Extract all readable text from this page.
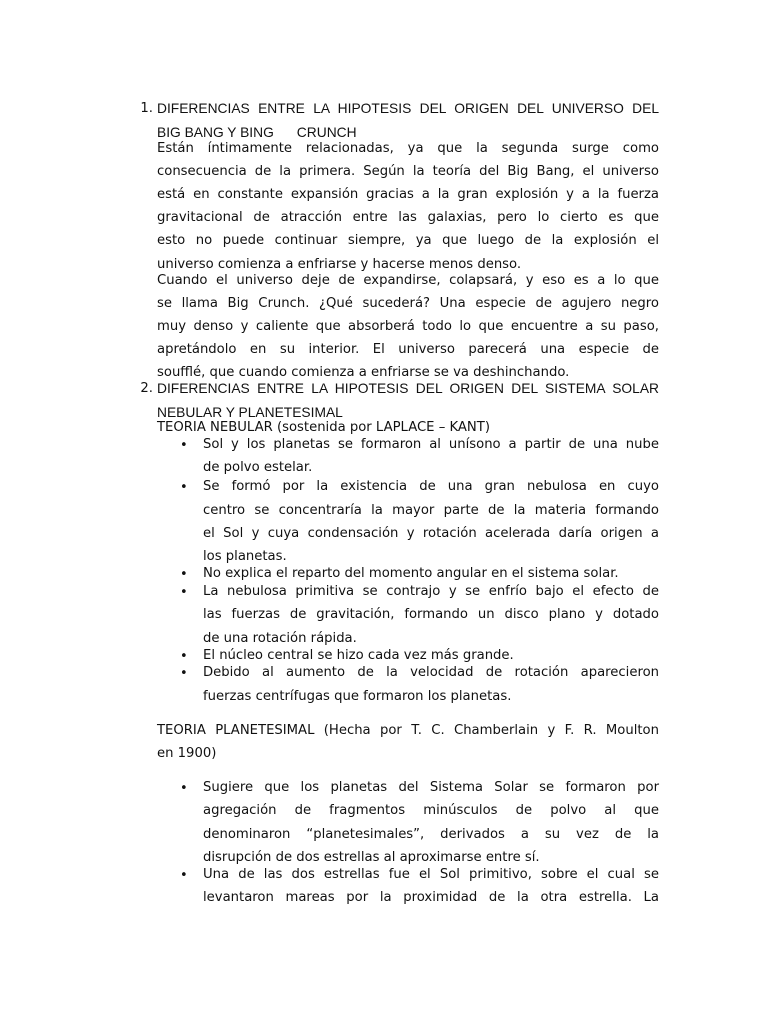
1. DIFERENCIAS ENTRE LA HIPOTESIS DEL ORIGEN DEL UNIVERSO DEL
BIG BANG Y BING      CRUNCH
Están íntimamente relacionadas, ya que la segunda surge como
consecuencia de la primera. Según la teoría del Big Bang, el universo
está en constante expansión gracias a la gran explosión y a la fuerza
gravitacional de atracción entre las galaxias, pero lo cierto es que
esto no puede continuar siempre, ya que luego de la explosión el
universo comienza a enfriarse y hacerse menos denso.
Cuando el universo deje de expandirse, colapsará, y eso es a lo que
se llama Big Crunch. ¿Qué sucederá? Una especie de agujero negro
muy denso y caliente que absorberá todo lo que encuentre a su paso,
apretándolo en su interior. El universo parecerá una especie de
soufflé, que cuando comienza a enfriarse se va deshinchando.
2. DIFERENCIAS ENTRE LA HIPOTESIS DEL ORIGEN DEL SISTEMA SOLAR
NEBULAR Y PLANETESIMAL
TEORIA NEBULAR (sostenida por LAPLACE – KANT)
• Sol y los planetas se formaron al unísono a partir de una nube
de polvo estelar.
• Se formó por la existencia de una gran nebulosa en cuyo
centro se concentraría la mayor parte de la materia formando
el Sol y cuya condensación y rotación acelerada daría origen a
los planetas.
• No explica el reparto del momento angular en el sistema solar.
• La nebulosa primitiva se contrajo y se enfrío bajo el efecto de
las fuerzas de gravitación, formando un disco plano y dotado
de una rotación rápida.
• El núcleo central se hizo cada vez más grande.
• Debido al aumento de la velocidad de rotación aparecieron
fuerzas centrífugas que formaron los planetas.
TEORIA PLANETESIMAL (Hecha por T. C. Chamberlain y F. R. Moulton
en 1900)
• Sugiere que los planetas del Sistema Solar se formaron por
agregación de fragmentos minúsculos de polvo al que
denominaron “planetesimales”, derivados a su vez de la
disrupción de dos estrellas al aproximarse entre sí.
• Una de las dos estrellas fue el Sol primitivo, sobre el cual se
levantaron mareas por la proximidad de la otra estrella. La
